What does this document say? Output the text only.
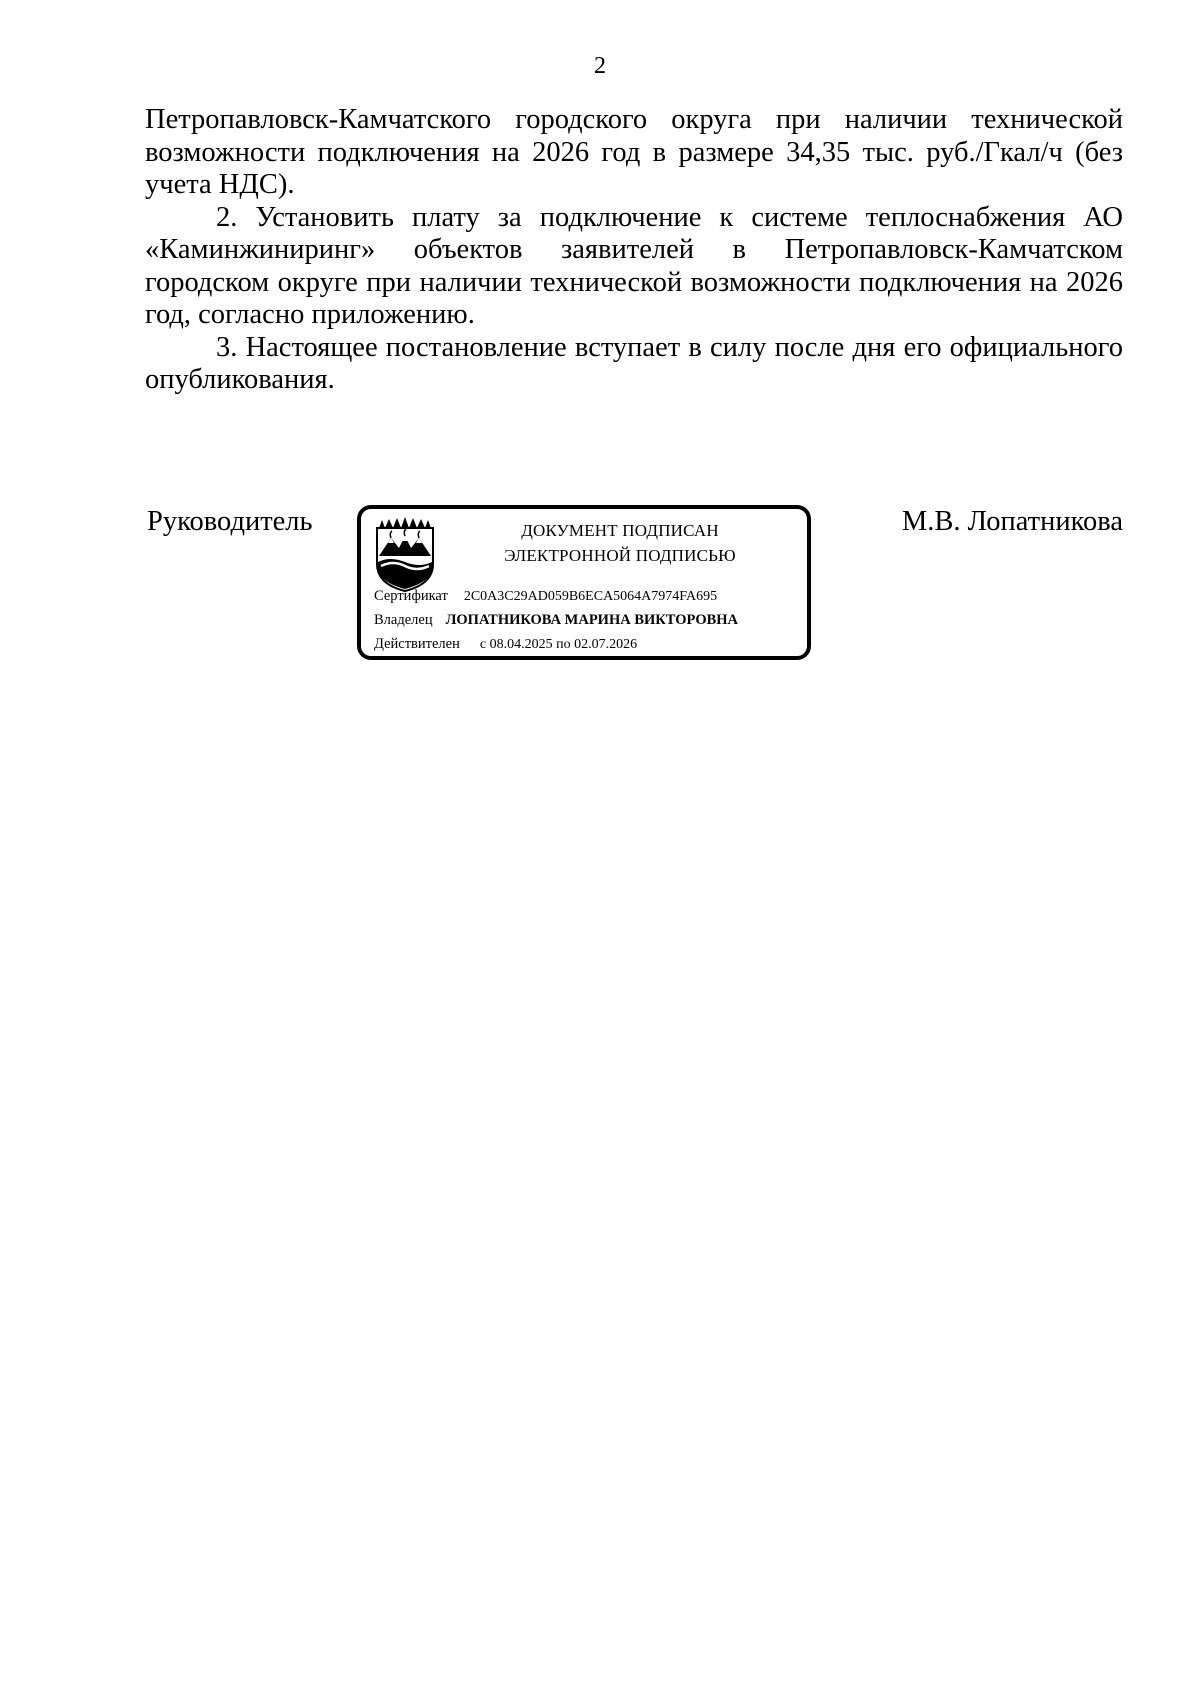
2

Петропавловск-Камчатского городского округа при наличии технической возможности подключения на 2026 год в размере 34,35 тыс. руб./Гкал/ч (без учета НДС).

2. Установить плату за подключение к системе теплоснабжения АО «Каминжиниринг» объектов заявителей в Петропавловск-Камчатском городском округе при наличии технической возможности подключения на 2026 год, согласно приложению.

3. Настоящее постановление вступает в силу после дня его официального опубликования.

Руководитель	ДОКУМЕНТ ПОДПИСАН
ЭЛЕКТРОННОЙ ПОДПИСЬЮ
Сертификат 2C0A3C29AD059B6ECA5064A7974FA695
Владелец ЛОПАТНИКОВА МАРИНА ВИКТОРОВНА
Действителен с 08.04.2025 по 02.07.2026
М.В. Лопатникова
